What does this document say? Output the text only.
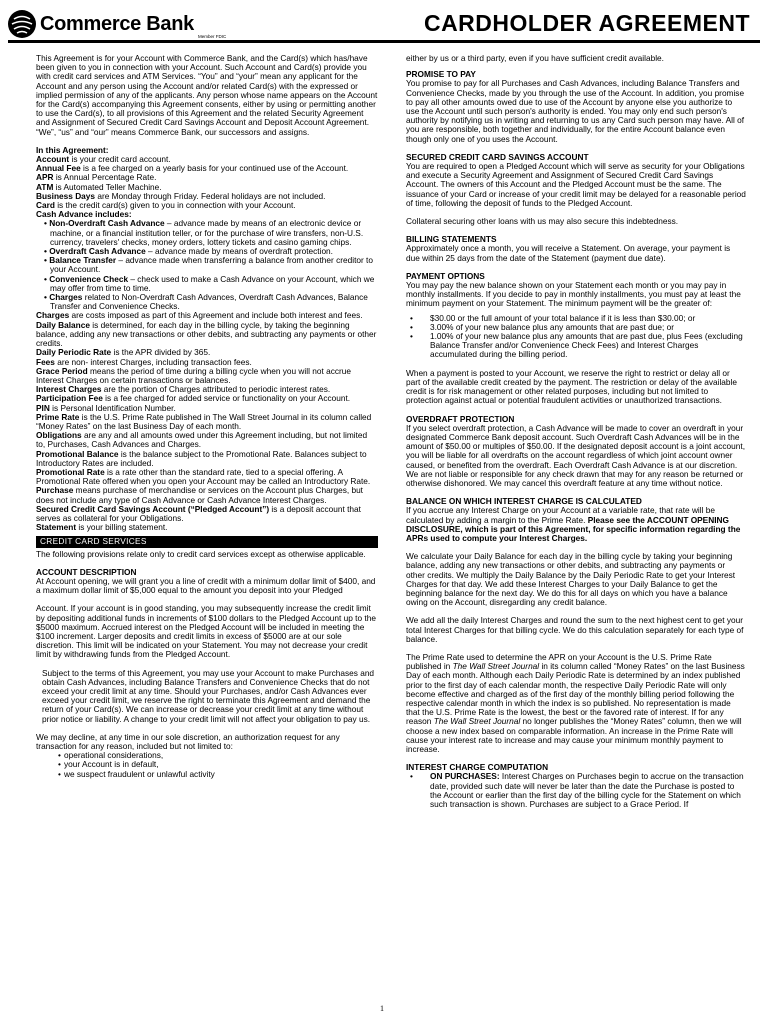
Commerce Bank
Member FDIC
CARDHOLDER AGREEMENT

This Agreement is for your Account with Commerce Bank, and the Card(s) which has/have been given to you in connection with your Account. Such Account and Card(s) provide you with credit card services and ATM Services. “You” and “your” mean any applicant for the Account and any person using the Account and/or related Card(s) with the expressed or implied permission of any of the applicants. Any person whose name appears on the Account for the Card(s) accompanying this Agreement consents, either by using or permitting another to use the Card(s), to all provisions of this Agreement and the related Security Agreement and Assignment of Secured Credit Card Savings Account and Deposit Account Agreement. “We”, “us” and “our” means Commerce Bank, our successors and assigns.

In this Agreement:

Account is your credit card account.

Annual Fee is a fee charged on a yearly basis for your continued use of the Account.

APR is Annual Percentage Rate.

ATM is Automated Teller Machine.

Business Days are Monday through Friday. Federal holidays are not included.

Card is the credit card(s) given to you in connection with your Account.

Cash Advance includes:

• Non-Overdraft Cash Advance – advance made by means of an electronic device or machine, or a financial institution teller, or for the purchase of wire transfers, non-U.S. currency, travelers' checks, money orders, lottery tickets and casino gaming chips.

• Overdraft Cash Advance – advance made by means of overdraft protection.

• Balance Transfer – advance made when transferring a balance from another creditor to your Account.

• Convenience Check – check used to make a Cash Advance on your Account, which we may offer from time to time.

• Charges related to Non-Overdraft Cash Advances, Overdraft Cash Advances, Balance Transfer and Convenience Checks.

Charges are costs imposed as part of this Agreement and include both interest and fees.

Daily Balance is determined, for each day in the billing cycle, by taking the beginning balance, adding any new transactions or other debits, and subtracting any payments or other credits.

Daily Periodic Rate is the APR divided by 365.

Fees are non- interest Charges, including transaction fees.

Grace Period means the period of time during a billing cycle when you will not accrue Interest Charges on certain transactions or balances.

Interest Charges are the portion of Charges attributed to periodic interest rates.

Participation Fee is a fee charged for added service or functionality on your Account.

PIN is Personal Identification Number.

Prime Rate is the U.S. Prime Rate published in The Wall Street Journal in its column called “Money Rates” on the last Business Day of each month.

Obligations are any and all amounts owed under this Agreement including, but not limited to, Purchases, Cash Advances and Charges.

Promotional Balance is the balance subject to the Promotional Rate. Balances subject to Introductory Rates are included.

Promotional Rate is a rate other than the standard rate, tied to a special offering. A Promotional Rate offered when you open your Account may be called an Introductory Rate.

Purchase means purchase of merchandise or services on the Account plus Charges, but does not include any type of Cash Advance or Cash Advance Interest Charges.

Secured Credit Card Savings Account (“Pledged Account”) is a deposit account that serves as collateral for your Obligations.

Statement is your billing statement.

CREDIT CARD SERVICES

The following provisions relate only to credit card services except as otherwise applicable.

ACCOUNT DESCRIPTION

At Account opening, we will grant you a line of credit with a minimum dollar limit of $400, and a maximum dollar limit of $5,000 equal to the amount you deposit into your Pledged

Account. If your account is in good standing, you may subsequently increase the credit limit by depositing additional funds in increments of $100 dollars to the Pledged Account up to the $5000 maximum. Accrued interest on the Pledged Account will be included in meeting the $100 increment. Larger deposits and credit limits in excess of $5000 are at our sole discretion. This limit will be indicated on your Statement. You may not decrease your credit limit by withdrawing funds from the Pledged Account.

Subject to the terms of this Agreement, you may use your Account to make Purchases and obtain Cash Advances, including Balance Transfers and Convenience Checks that do not exceed your credit limit at any time. Should your Purchases, and/or Cash Advances ever exceed your credit limit, we reserve the right to terminate this Agreement and demand the return of your Card(s). We can increase or decrease your credit limit at any time without prior notice or liability. A change to your credit limit will not affect your obligation to pay us.

We may decline, at any time in our sole discretion, an authorization request for any transaction for any reason, included but not limited to:

• operational considerations,
• your Account is in default,
• we suspect fraudulent or unlawful activity

either by us or a third party, even if you have sufficient credit available.

PROMISE TO PAY

You promise to pay for all Purchases and Cash Advances, including Balance Transfers and Convenience Checks, made by you through the use of the Account. In addition, you promise to pay all other amounts owed due to use of the Account by anyone else you authorize to use the Account until such person's authority is ended. You may only end such person's authority by notifying us in writing and returning to us any Card such person may have. All of you are responsible, both together and individually, for the entire Account balance even though only one of you uses the Account.

SECURED CREDIT CARD SAVINGS ACCOUNT

You are required to open a Pledged Account which will serve as security for your Obligations and execute a Security Agreement and Assignment of Secured Credit Card Savings Account. The owners of this Account and the Pledged Account must be the same. The issuance of your Card or increase of your credit limit may be delayed for a reasonable period of time, following the deposit of funds to the Pledged Account.

Collateral securing other loans with us may also secure this indebtedness.

BILLING STATEMENTS

Approximately once a month, you will receive a Statement. On average, your payment is due within 25 days from the date of the Statement (payment due date).

PAYMENT OPTIONS

You may pay the new balance shown on your Statement each month or you may pay in monthly installments. If you decide to pay in monthly installments, you must pay at least the minimum payment on your Statement. The minimum payment will be the greater of:

• $30.00 or the full amount of your total balance if it is less than $30.00; or
• 3.00% of your new balance plus any amounts that are past due; or
• 1.00% of your new balance plus any amounts that are past due, plus Fees (excluding Balance Transfer and/or Convenience Check Fees) and Interest Charges accumulated during the billing period.

When a payment is posted to your Account, we reserve the right to restrict or delay all or part of the available credit created by the payment. The restriction or delay of the available credit is for risk management or other related purposes, including but not limited to protection against actual or potential fraudulent activities or unauthorized transactions.

OVERDRAFT PROTECTION

If you select overdraft protection, a Cash Advance will be made to cover an overdraft in your designated Commerce Bank deposit account. Such Overdraft Cash Advances will be in the amount of $50.00 or multiples of $50.00. If the designated deposit account is a joint account, you will be liable for all overdrafts on the account regardless of which joint account owner caused, or benefited from the overdraft. Each Overdraft Cash Advance is at our discretion. We are not liable or responsible for any check drawn that may for any reason be returned or otherwise dishonored. We may cancel this overdraft feature at any time without notice.

BALANCE ON WHICH INTEREST CHARGE IS CALCULATED

If you accrue any Interest Charge on your Account at a variable rate, that rate will be calculated by adding a margin to the Prime Rate. Please see the ACCOUNT OPENING DISCLOSURE, which is part of this Agreement, for specific information regarding the APRs used to compute your Interest Charges.

We calculate your Daily Balance for each day in the billing cycle by taking your beginning balance, adding any new transactions or other debits, and subtracting any payments or other credits. We multiply the Daily Balance by the Daily Periodic Rate to get your Interest Charges for that day. We add these Interest Charges to your Daily Balance to get the beginning balance for the next day. We do this for all days on which you have a balance owing on the Account, disregarding any credit balance.

We add all the daily Interest Charges and round the sum to the next highest cent to get your total Interest Charges for that billing cycle. We do this calculation separately for each type of balance.

The Prime Rate used to determine the APR on your Account is the U.S. Prime Rate published in The Wall Street Journal in its column called “Money Rates” on the last Business Day of each month. Although each Daily Periodic Rate is determined by an index published prior to the first day of each calendar month, the respective Daily Periodic Rate will only become effective and charged as of the first day of the monthly billing period following the respective calendar month in which the index is so published. No representation is made that the U.S. Prime Rate is the lowest, the best or the favored rate of interest. If for any reason The Wall Street Journal no longer publishes the “Money Rates” column, then we will choose a new index based on comparable information. An increase in the Prime Rate will cause your interest rate to increase and may cause your minimum monthly payment to increase.

INTEREST CHARGE COMPUTATION

• ON PURCHASES: Interest Charges on Purchases begin to accrue on the transaction date, provided such date will never be later than the date the Purchase is posted to the Account or earlier than the first day of the billing cycle for the Statement on which such transaction is shown. Purchases are subject to a Grace Period. If
1
